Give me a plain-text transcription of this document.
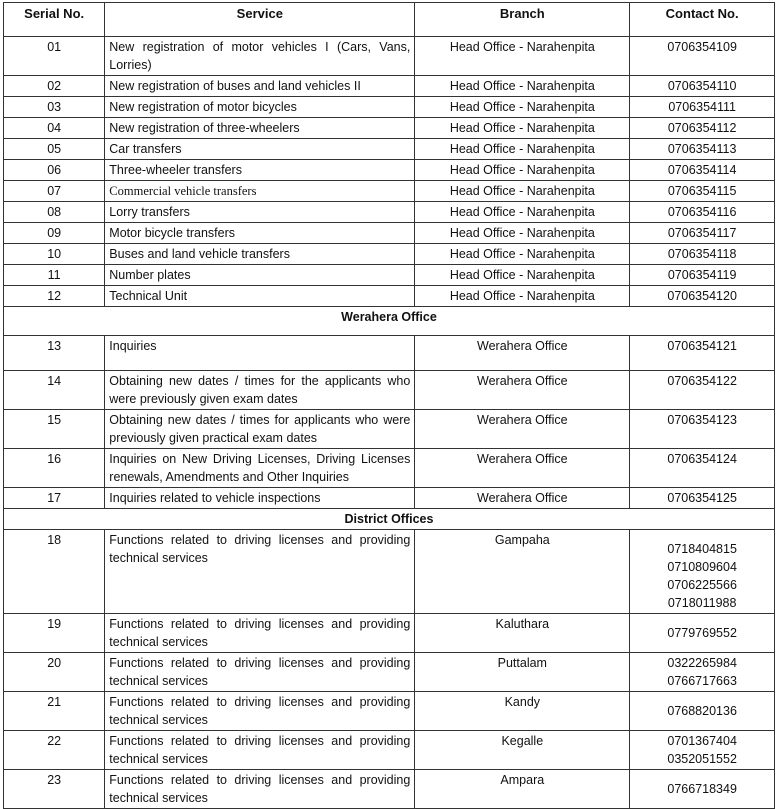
Serial No.	Service	Branch	Contact No.
01	New registration of motor vehicles I (Cars, Vans, Lorries)	Head Office - Narahenpita	0706354109
02	New registration of buses and land vehicles II	Head Office - Narahenpita	0706354110
03	New registration of motor bicycles	Head Office - Narahenpita	0706354111
04	New registration of three-wheelers	Head Office - Narahenpita	0706354112
05	Car transfers	Head Office - Narahenpita	0706354113
06	Three-wheeler transfers	Head Office - Narahenpita	0706354114
07	Commercial vehicle transfers	Head Office - Narahenpita	0706354115
08	Lorry transfers	Head Office - Narahenpita	0706354116
09	Motor bicycle transfers	Head Office - Narahenpita	0706354117
10	Buses and land vehicle transfers	Head Office - Narahenpita	0706354118
11	Number plates	Head Office - Narahenpita	0706354119
12	Technical Unit	Head Office - Narahenpita	0706354120
Werahera Office			
13	Inquiries	Werahera Office	0706354121
14	Obtaining new dates / times for the applicants who were previously given exam dates	Werahera Office	0706354122
15	Obtaining new dates / times for applicants who were previously given practical exam dates	Werahera Office	0706354123
16	Inquiries on New Driving Licenses, Driving Licenses renewals, Amendments and Other Inquiries	Werahera Office	0706354124
17	Inquiries related to vehicle inspections	Werahera Office	0706354125
District Offices			
18	Functions related to driving licenses and providing technical services	Gampaha	0718404815
0710809604
0706225566
0718011988

19	Functions related to driving licenses and providing technical services	Kaluthara	0779769552

20	Functions related to driving licenses and providing technical services	Puttalam	0322265984
0766717663

21	Functions related to driving licenses and providing technical services	Kandy	0768820136

22	Functions related to driving licenses and providing technical services	Kegalle	0701367404
0352051552

23	Functions related to driving licenses and providing technical services	Ampara	0766718349
